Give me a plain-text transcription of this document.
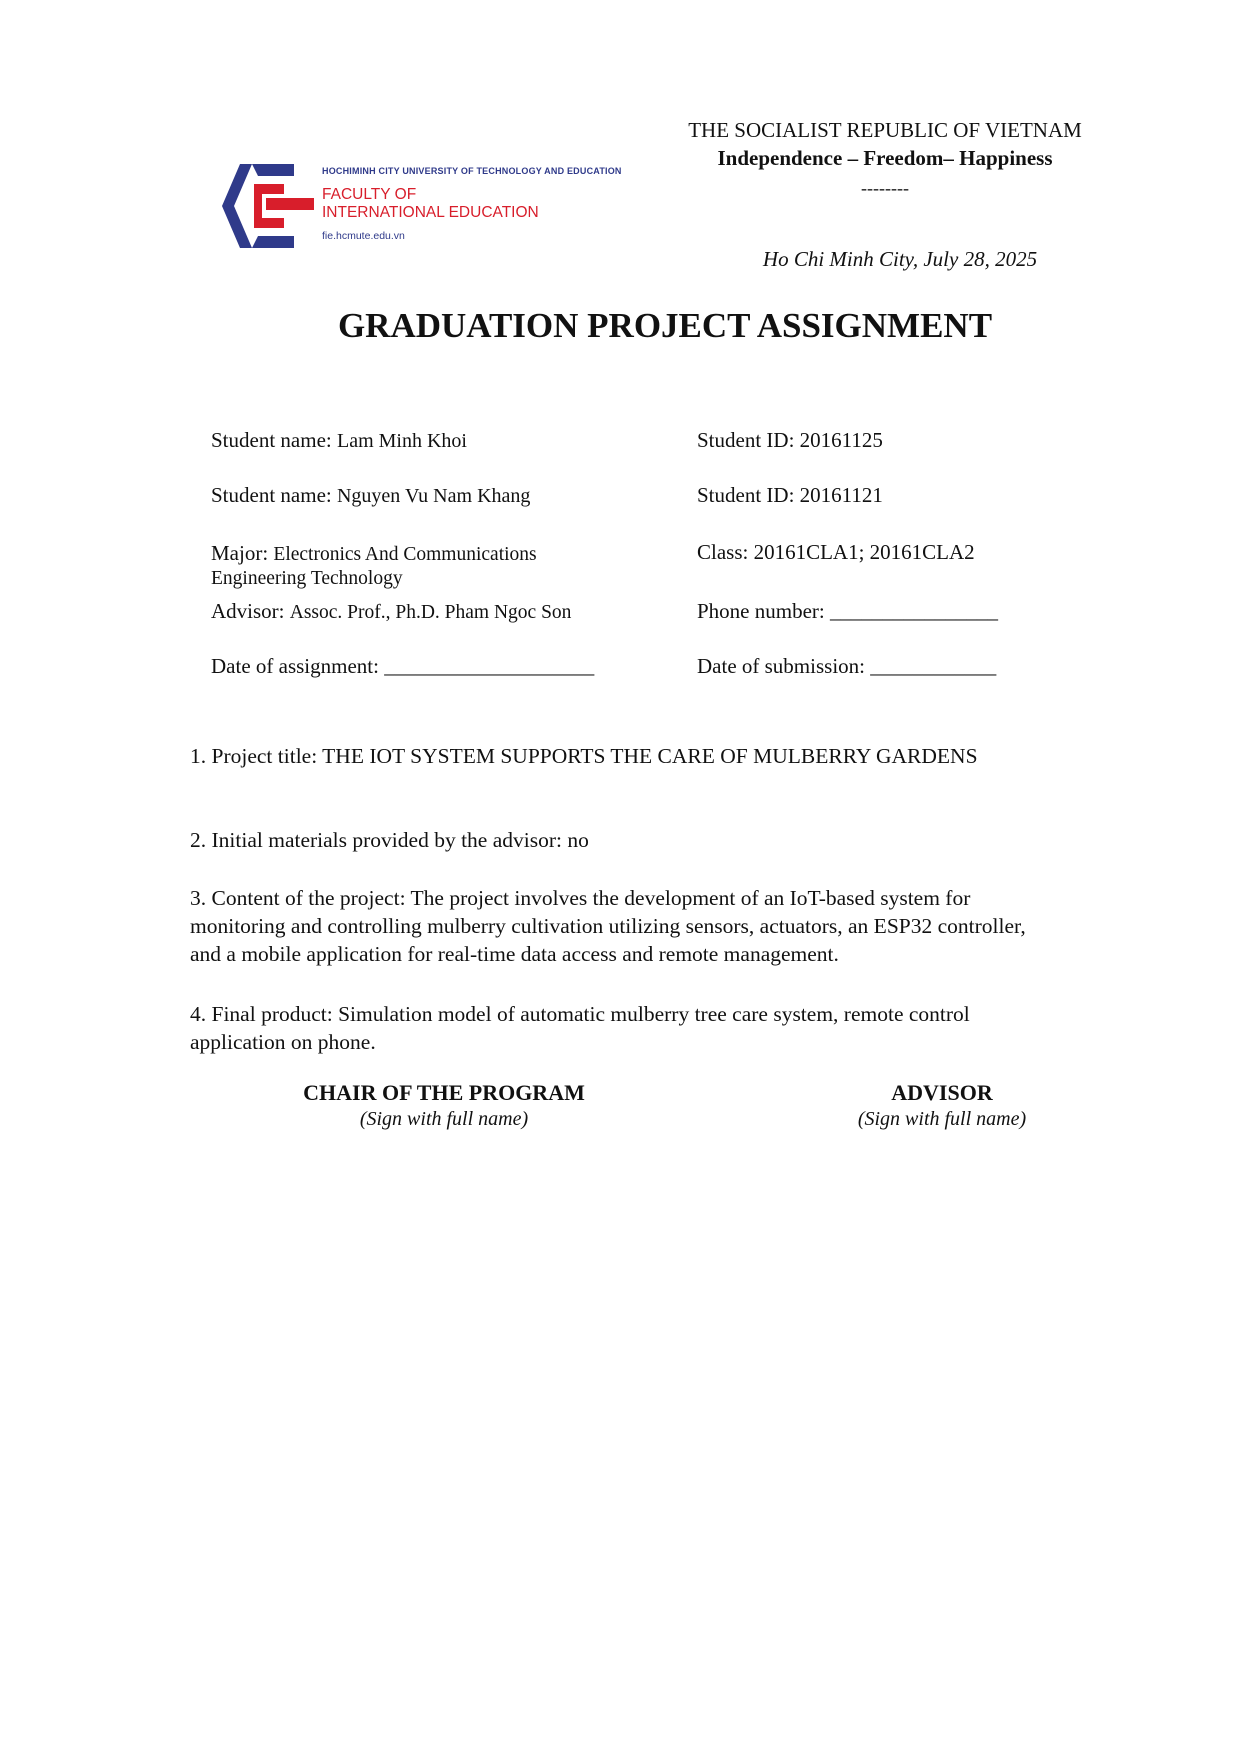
HOCHIMINH CITY UNIVERSITY OF TECHNOLOGY AND EDUCATION
FACULTY OF
INTERNATIONAL EDUCATION
fie.hcmute.edu.vn
THE SOCIALIST REPUBLIC OF VIETNAM
Independence – Freedom– Happiness
--------
Ho Chi Minh City, July 28, 2025
GRADUATION PROJECT ASSIGNMENT
Student name: Lam Minh Khoi	Student ID: 20161125
Student name: Nguyen Vu Nam Khang	Student ID: 20161121
Major: Electronics And Communications
Engineering Technology
Class: 20161CLA1; 20161CLA2
Advisor: Assoc. Prof., Ph.D. Pham Ngoc Son	Phone number: ________________
Date of assignment: ____________________	Date of submission: ____________
1. Project title: THE IOT SYSTEM SUPPORTS THE CARE OF MULBERRY GARDENS
2. Initial materials provided by the advisor: no
3. Content of the project: The project involves the development of an IoT-based system for
monitoring and controlling mulberry cultivation utilizing sensors, actuators, an ESP32 controller,
and a mobile application for real-time data access and remote management.
4. Final product: Simulation model of automatic mulberry tree care system, remote control
application on phone.
CHAIR OF THE PROGRAM
(Sign with full name)
ADVISOR
(Sign with full name)
